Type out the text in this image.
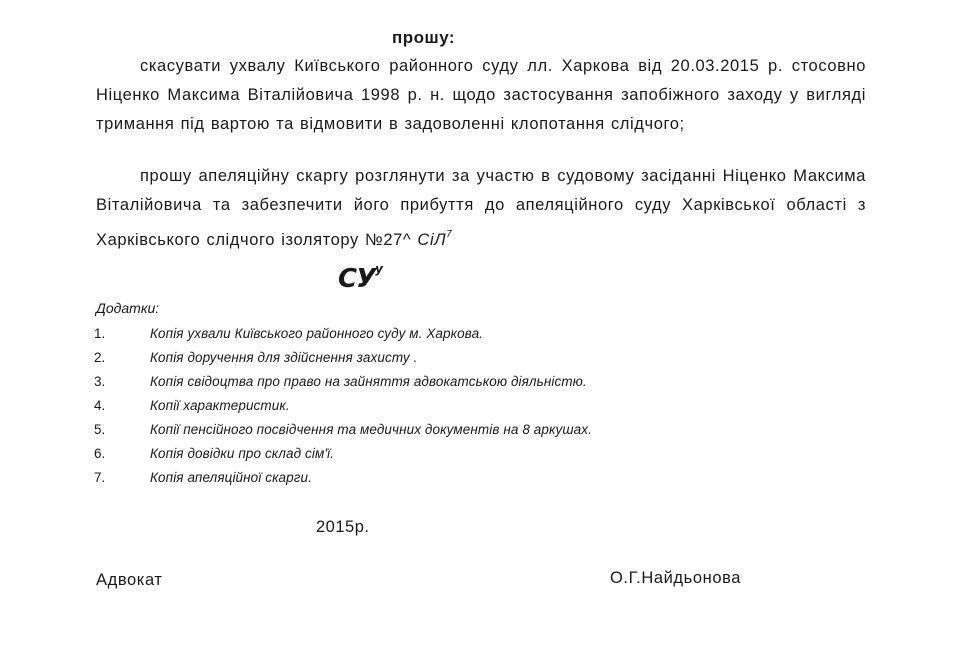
прошу:
скасувати ухвалу Київського районного суду лл. Харкова від 20.03.2015 р. стосовно Ніценко Максима Віталійовича 1998 р. н. щодо застосування запобіжного заходу у вигляді тримання під вартою та відмовити в задоволенні клопотання слідчого;
прошу апеляційну скаргу розглянути за участю в судовому засіданні Ніценко Максима Віталійовича та забезпечити його прибуття до апеляційного суду Харківської області з Харківського слідчого ізолятору №27^ СіЛ$^7$
$СУ^у$
Додатки:
1.	Копія ухвали Київського районного суду м. Харкова.
2.	Копія доручення для здійснення захисту .
3.	Копія свідоцтва про право на зайняття адвокатською діяльністю.
4.	Копії характеристик.
5.	Копії пенсійного посвідчення та медичних документів на 8 аркушах.
6.	Копія довідки про склад сім'ї.
7.	Копія апеляційної скарги.
2015р.
Адвокат	О.Г.Найдьонова
